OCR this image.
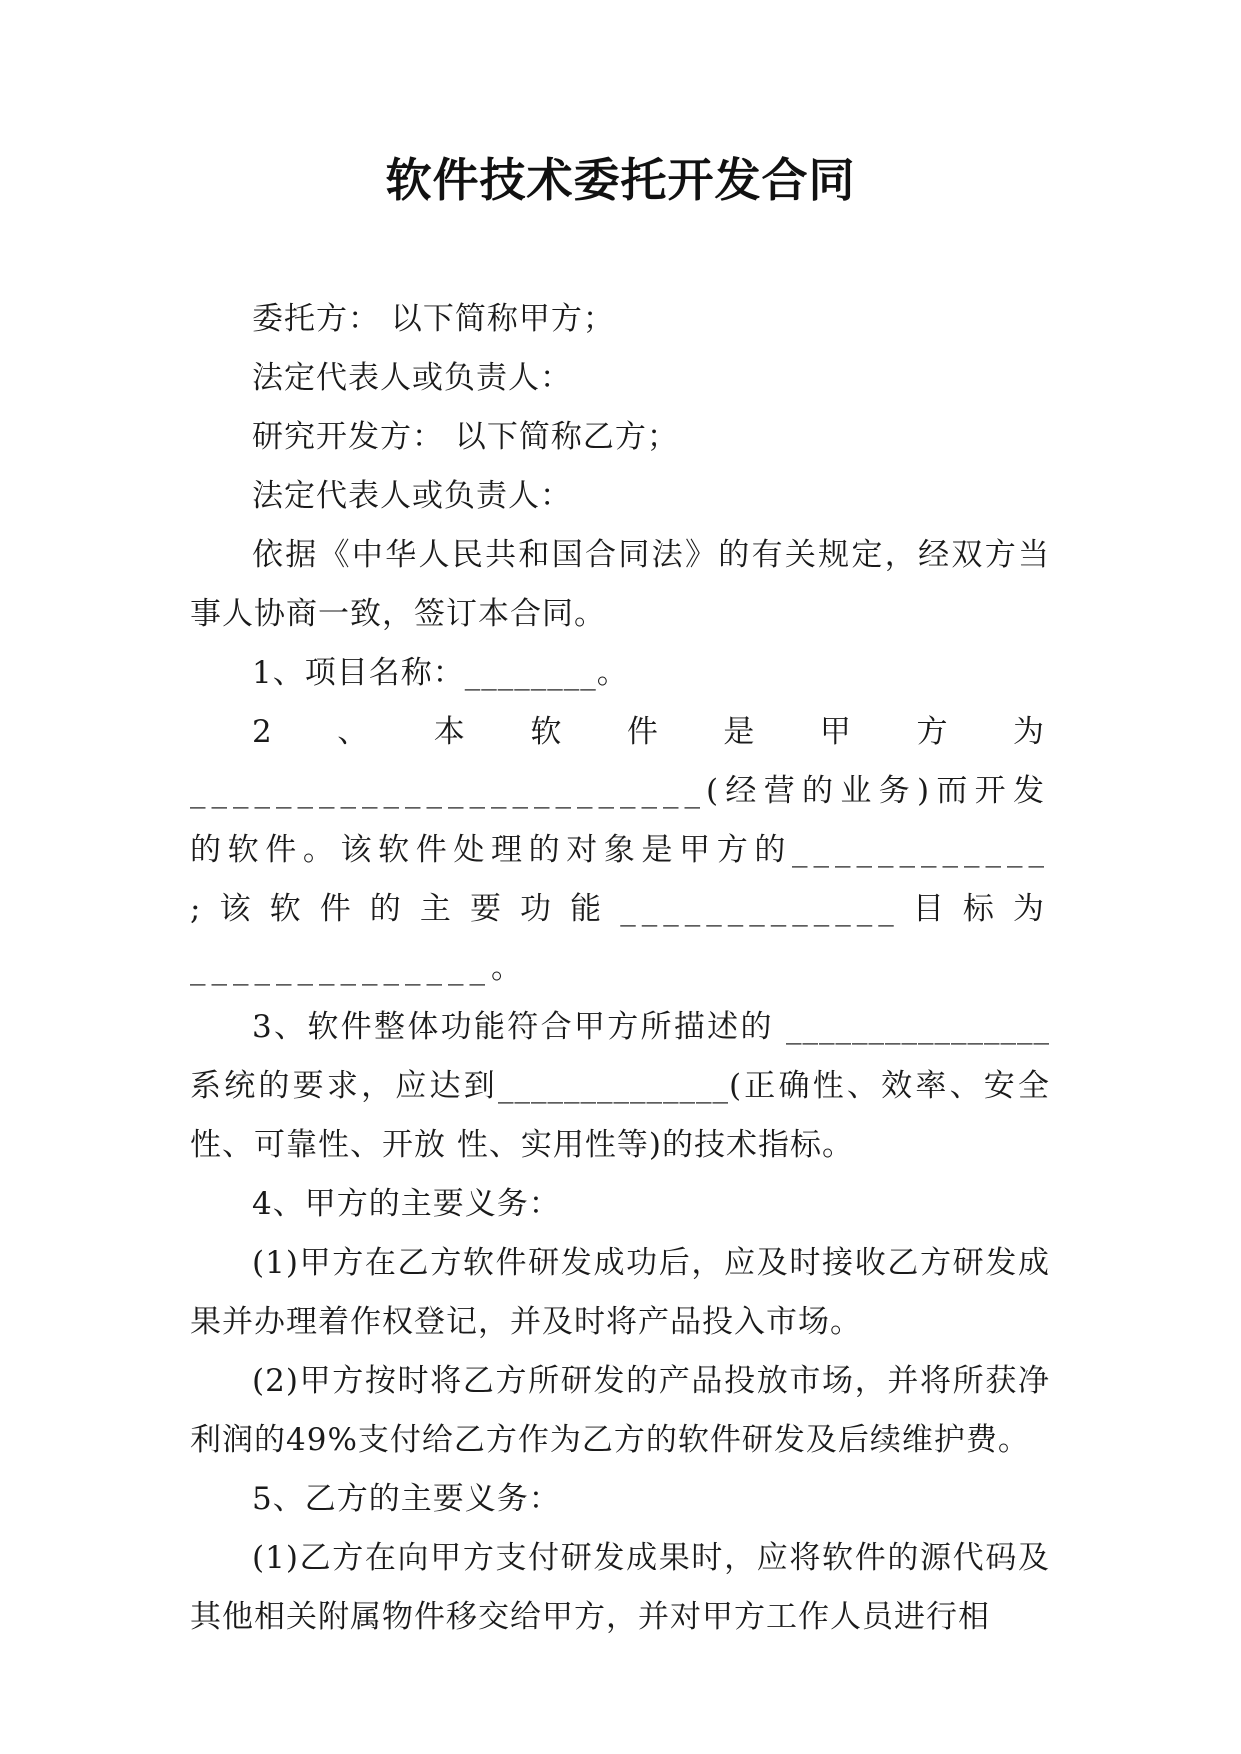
软件技术委托开发合同

委托方： 以下简称甲方；

法定代表人或负责人：

研究开发方： 以下简称乙方；

法定代表人或负责人：

依据《中华人民共和国合同法》的有关规定，经双方当事人协商一致，签订本合同。

1、项目名称：________。

2、本软件是甲方为________________________(经营的业务)而开发的软件。该软件处理的对象是甲方的____________ ;该软件的主要功能_____________目标为______________。

3、软件整体功能符合甲方所描述的 ________________系统的要求，应达到______________(正确性、效率、安全性、可靠性、开放 性、实用性等)的技术指标。

4、甲方的主要义务：

(1)甲方在乙方软件研发成功后，应及时接收乙方研发成果并办理着作权登记，并及时将产品投入市场。

(2)甲方按时将乙方所研发的产品投放市场，并将所获净利润的49%支付给乙方作为乙方的软件研发及后续维护费。

5、乙方的主要义务：

(1)乙方在向甲方支付研发成果时，应将软件的源代码及其他相关附属物件移交给甲方，并对甲方工作人员进行相
